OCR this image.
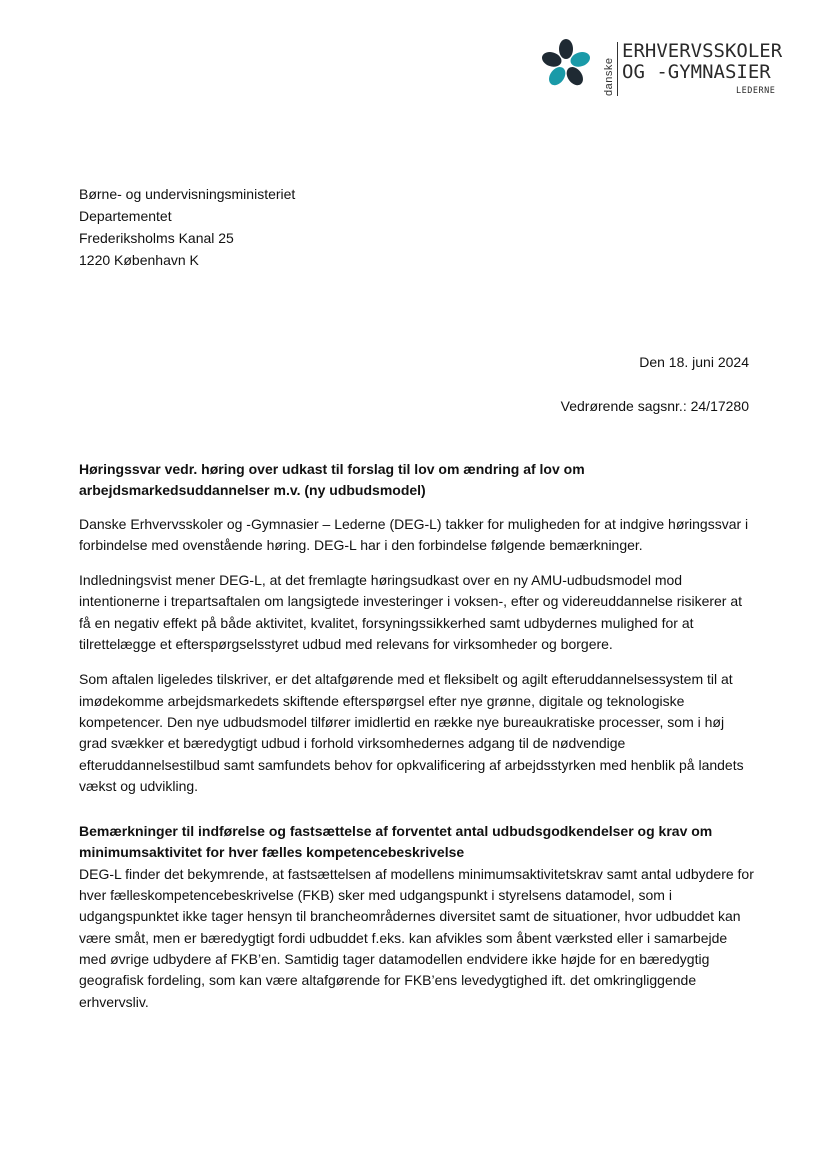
danske
ERHVERVSSKOLER
OG -GYMNASIER
LEDERNE
Børne- og undervisningsministeriet
Departementet
Frederiksholms Kanal 25
1220 København K
Den 18. juni 2024
Vedrørende sagsnr.: 24/17280
Høringssvar vedr. høring over udkast til forslag til lov om ændring af lov om arbejdsmarkedsuddannelser m.v. (ny udbudsmodel)

Danske Erhvervsskoler og -Gymnasier – Lederne (DEG-L) takker for muligheden for at indgive høringssvar i forbindelse med ovenstående høring. DEG-L har i den forbindelse følgende bemærkninger.

Indledningsvist mener DEG-L, at det fremlagte høringsudkast over en ny AMU-udbudsmodel mod intentionerne i trepartsaftalen om langsigtede investeringer i voksen-, efter og videreuddannelse risikerer at få en negativ effekt på både aktivitet, kvalitet, forsyningssikkerhed samt udbydernes mulighed for at tilrettelægge et efterspørgselsstyret udbud med relevans for virksomheder og borgere.

Som aftalen ligeledes tilskriver, er det altafgørende med et fleksibelt og agilt efteruddannelsessystem til at imødekomme arbejdsmarkedets skiftende efterspørgsel efter nye grønne, digitale og teknologiske kompetencer. Den nye udbudsmodel tilfører imidlertid en række nye bureaukratiske processer, som i høj grad svækker et bæredygtigt udbud i forhold virksomhedernes adgang til de nødvendige efteruddannelsestilbud samt samfundets behov for opkvalificering af arbejdsstyrken med henblik på landets vækst og udvikling.

Bemærkninger til indførelse og fastsættelse af forventet antal udbudsgodkendelser og krav om minimumsaktivitet for hver fælles kompetencebeskrivelse

DEG-L finder det bekymrende, at fastsættelsen af modellens minimumsaktivitetskrav samt antal udbydere for hver fælleskompetencebeskrivelse (FKB) sker med udgangspunkt i styrelsens datamodel, som i udgangspunktet ikke tager hensyn til brancheområdernes diversitet samt de situationer, hvor udbuddet kan være småt, men er bæredygtigt fordi udbuddet f.eks. kan afvikles som åbent værksted eller i samarbejde med øvrige udbydere af FKB’en. Samtidig tager datamodellen endvidere ikke højde for en bæredygtig geografisk fordeling, som kan være altafgørende for FKB’ens levedygtighed ift. det omkringliggende erhvervsliv.
